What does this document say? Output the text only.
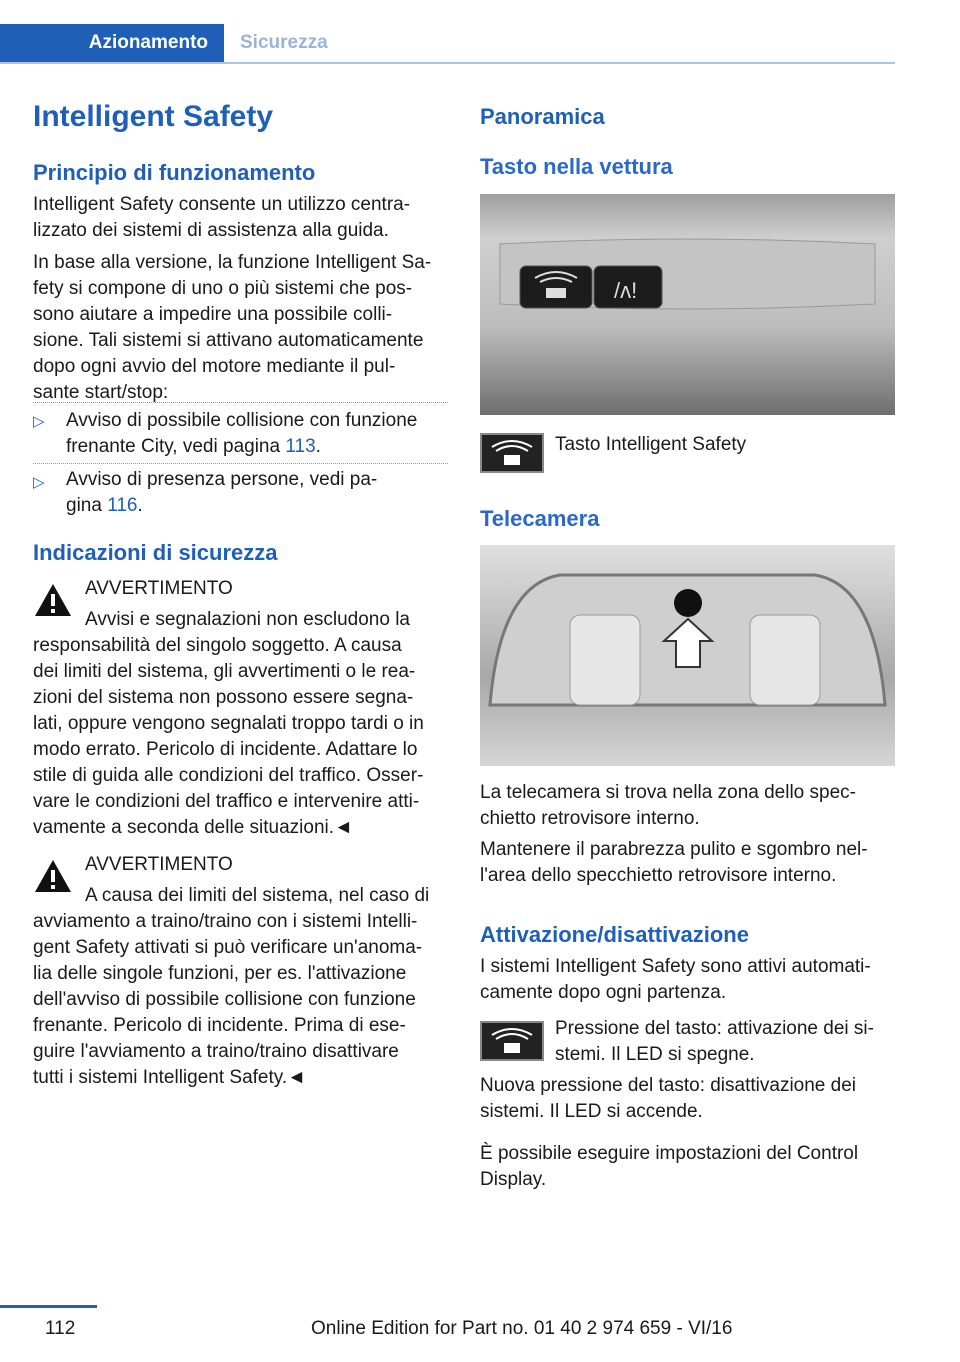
Azionamento	Sicurezza
Intelligent Safety
Principio di funzionamento

Intelligent Safety consente un utilizzo centra-
lizzato dei sistemi di assistenza alla guida.

In base alla versione, la funzione Intelligent Sa-
fety si compone di uno o più sistemi che pos-
sono aiutare a impedire una possibile colli-
sione. Tali sistemi si attivano automaticamente
dopo ogni avvio del motore mediante il pul-
sante start/stop:

▷ Avviso di possibile collisione con funzione
frenante City, vedi pagina 113.
▷ Avviso di presenza persone, vedi pa-
gina 116.
Indicazioni di sicurezza

AVVERTIMENTO

Avvisi e segnalazioni non escludono la

responsabilità del singolo soggetto. A causa
dei limiti del sistema, gli avvertimenti o le rea-
zioni del sistema non possono essere segna-
lati, oppure vengono segnalati troppo tardi o in
modo errato. Pericolo di incidente. Adattare lo
stile di guida alle condizioni del traffico. Osser-
vare le condizioni del traffico e intervenire atti-
vamente a seconda delle situazioni.◄

AVVERTIMENTO

A causa dei limiti del sistema, nel caso di

avviamento a traino/traino con i sistemi Intelli-
gent Safety attivati si può verificare un'anoma-
lia delle singole funzioni, per es. l'attivazione
dell'avviso di possibile collisione con funzione
frenante. Pericolo di incidente. Prima di ese-
guire l'avviamento a traino/traino disattivare
tutti i sistemi Intelligent Safety.◄

Panoramica
Tasto nella vettura
/ʌ!

Tasto Intelligent Safety

Telecamera

La telecamera si trova nella zona dello spec-
chietto retrovisore interno.

Mantenere il parabrezza pulito e sgombro nel-
l'area dello specchietto retrovisore interno.

Attivazione/disattivazione

I sistemi Intelligent Safety sono attivi automati-
camente dopo ogni partenza.

Pressione del tasto: attivazione dei si-
stemi. Il LED si spegne.

Nuova pressione del tasto: disattivazione dei
sistemi. Il LED si accende.

È possibile eseguire impostazioni del Control
Display.

112	Online Edition for Part no. 01 40 2 974 659 - VI/16
